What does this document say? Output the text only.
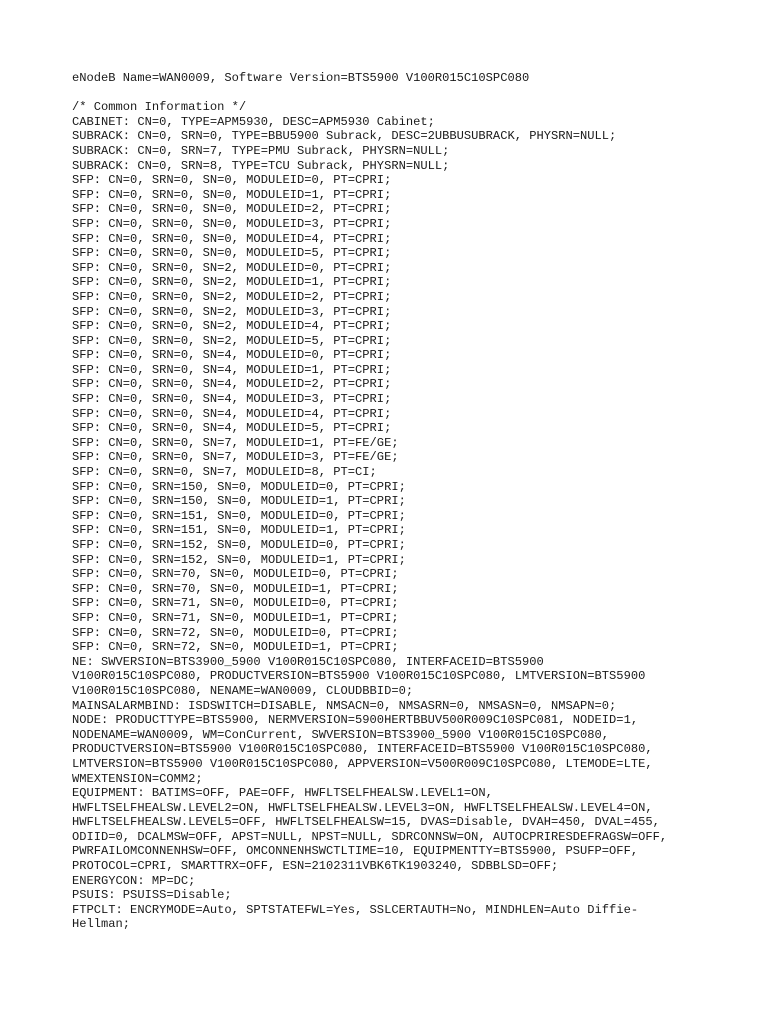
eNodeB Name=WAN0009, Software Version=BTS5900 V100R015C10SPC080
/* Common Information */
CABINET: CN=0, TYPE=APM5930, DESC=APM5930 Cabinet;
SUBRACK: CN=0, SRN=0, TYPE=BBU5900 Subrack, DESC=2UBBUSUBRACK, PHYSRN=NULL;
SUBRACK: CN=0, SRN=7, TYPE=PMU Subrack, PHYSRN=NULL;
SUBRACK: CN=0, SRN=8, TYPE=TCU Subrack, PHYSRN=NULL;
SFP: CN=0, SRN=0, SN=0, MODULEID=0, PT=CPRI;
SFP: CN=0, SRN=0, SN=0, MODULEID=1, PT=CPRI;
SFP: CN=0, SRN=0, SN=0, MODULEID=2, PT=CPRI;
SFP: CN=0, SRN=0, SN=0, MODULEID=3, PT=CPRI;
SFP: CN=0, SRN=0, SN=0, MODULEID=4, PT=CPRI;
SFP: CN=0, SRN=0, SN=0, MODULEID=5, PT=CPRI;
SFP: CN=0, SRN=0, SN=2, MODULEID=0, PT=CPRI;
SFP: CN=0, SRN=0, SN=2, MODULEID=1, PT=CPRI;
SFP: CN=0, SRN=0, SN=2, MODULEID=2, PT=CPRI;
SFP: CN=0, SRN=0, SN=2, MODULEID=3, PT=CPRI;
SFP: CN=0, SRN=0, SN=2, MODULEID=4, PT=CPRI;
SFP: CN=0, SRN=0, SN=2, MODULEID=5, PT=CPRI;
SFP: CN=0, SRN=0, SN=4, MODULEID=0, PT=CPRI;
SFP: CN=0, SRN=0, SN=4, MODULEID=1, PT=CPRI;
SFP: CN=0, SRN=0, SN=4, MODULEID=2, PT=CPRI;
SFP: CN=0, SRN=0, SN=4, MODULEID=3, PT=CPRI;
SFP: CN=0, SRN=0, SN=4, MODULEID=4, PT=CPRI;
SFP: CN=0, SRN=0, SN=4, MODULEID=5, PT=CPRI;
SFP: CN=0, SRN=0, SN=7, MODULEID=1, PT=FE/GE;
SFP: CN=0, SRN=0, SN=7, MODULEID=3, PT=FE/GE;
SFP: CN=0, SRN=0, SN=7, MODULEID=8, PT=CI;
SFP: CN=0, SRN=150, SN=0, MODULEID=0, PT=CPRI;
SFP: CN=0, SRN=150, SN=0, MODULEID=1, PT=CPRI;
SFP: CN=0, SRN=151, SN=0, MODULEID=0, PT=CPRI;
SFP: CN=0, SRN=151, SN=0, MODULEID=1, PT=CPRI;
SFP: CN=0, SRN=152, SN=0, MODULEID=0, PT=CPRI;
SFP: CN=0, SRN=152, SN=0, MODULEID=1, PT=CPRI;
SFP: CN=0, SRN=70, SN=0, MODULEID=0, PT=CPRI;
SFP: CN=0, SRN=70, SN=0, MODULEID=1, PT=CPRI;
SFP: CN=0, SRN=71, SN=0, MODULEID=0, PT=CPRI;
SFP: CN=0, SRN=71, SN=0, MODULEID=1, PT=CPRI;
SFP: CN=0, SRN=72, SN=0, MODULEID=0, PT=CPRI;
SFP: CN=0, SRN=72, SN=0, MODULEID=1, PT=CPRI;
NE: SWVERSION=BTS3900_5900 V100R015C10SPC080, INTERFACEID=BTS5900
V100R015C10SPC080, PRODUCTVERSION=BTS5900 V100R015C10SPC080, LMTVERSION=BTS5900
V100R015C10SPC080, NENAME=WAN0009, CLOUDBBID=0;
MAINSALARMBIND: ISDSWITCH=DISABLE, NMSACN=0, NMSASRN=0, NMSASN=0, NMSAPN=0;
NODE: PRODUCTTYPE=BTS5900, NERMVERSION=5900HERTBBUV500R009C10SPC081, NODEID=1,
NODENAME=WAN0009, WM=ConCurrent, SWVERSION=BTS3900_5900 V100R015C10SPC080,
PRODUCTVERSION=BTS5900 V100R015C10SPC080, INTERFACEID=BTS5900 V100R015C10SPC080,
LMTVERSION=BTS5900 V100R015C10SPC080, APPVERSION=V500R009C10SPC080, LTEMODE=LTE,
WMEXTENSION=COMM2;
EQUIPMENT: BATIMS=OFF, PAE=OFF, HWFLTSELFHEALSW.LEVEL1=ON,
HWFLTSELFHEALSW.LEVEL2=ON, HWFLTSELFHEALSW.LEVEL3=ON, HWFLTSELFHEALSW.LEVEL4=ON,
HWFLTSELFHEALSW.LEVEL5=OFF, HWFLTSELFHEALSW=15, DVAS=Disable, DVAH=450, DVAL=455,
ODIID=0, DCALMSW=OFF, APST=NULL, NPST=NULL, SDRCONNSW=ON, AUTOCPRIRESDEFRAGSW=OFF,
PWRFAILOMCONNENHSW=OFF, OMCONNENHSWCTLTIME=10, EQUIPMENTTY=BTS5900, PSUFP=OFF,
PROTOCOL=CPRI, SMARTTRX=OFF, ESN=2102311VBK6TK1903240, SDBBLSD=OFF;
ENERGYCON: MP=DC;
PSUIS: PSUISS=Disable;
FTPCLT: ENCRYMODE=Auto, SPTSTATEFWL=Yes, SSLCERTAUTH=No, MINDHLEN=Auto Diffie-
Hellman;
